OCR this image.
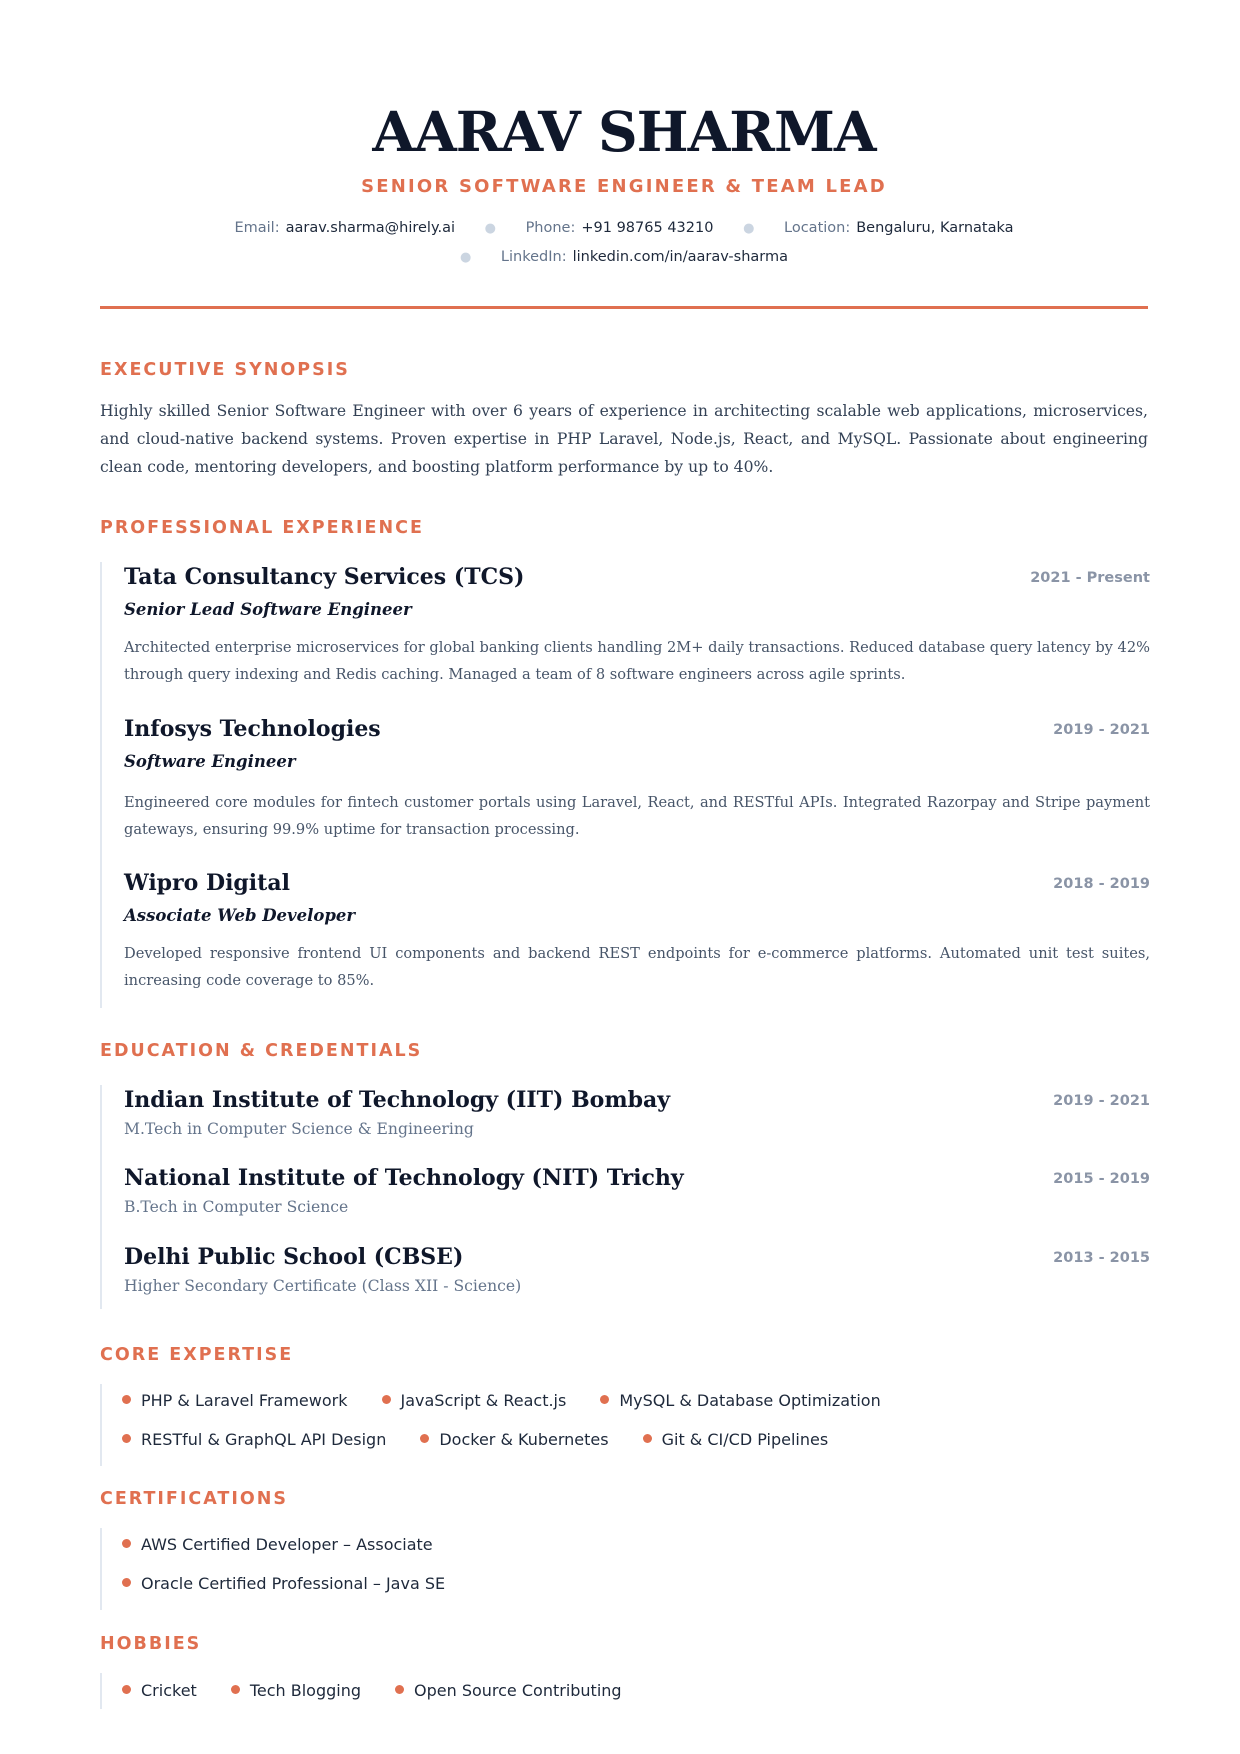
AARAV SHARMA
SENIOR SOFTWARE ENGINEER & TEAM LEAD
Email: aarav.sharma@hirely.ai ● Phone: +91 98765 43210 ● Location: Bengaluru, Karnataka
● LinkedIn: linkedin.com/in/aarav-sharma
EXECUTIVE SYNOPSIS
Highly skilled Senior Software Engineer with over 6 years of experience in architecting scalable web applications, microservices, and cloud-native backend systems. Proven expertise in PHP Laravel, Node.js, React, and MySQL. Passionate about engineering clean code, mentoring developers, and boosting platform performance by up to 40%.
PROFESSIONAL EXPERIENCE
Tata Consultancy Services (TCS)	2021 - Present
Senior Lead Software Engineer
Architected enterprise microservices for global banking clients handling 2M+ daily transactions. Reduced database query latency by 42% through query indexing and Redis caching. Managed a team of 8 software engineers across agile sprints.
Infosys Technologies	2019 - 2021
Software Engineer
Engineered core modules for fintech customer portals using Laravel, React, and RESTful APIs. Integrated Razorpay and Stripe payment gateways, ensuring 99.9% uptime for transaction processing.
Wipro Digital	2018 - 2019
Associate Web Developer
Developed responsive frontend UI components and backend REST endpoints for e-commerce platforms. Automated unit test suites, increasing code coverage to 85%.
EDUCATION & CREDENTIALS
Indian Institute of Technology (IIT) Bombay	2019 - 2021
M.Tech in Computer Science & Engineering
National Institute of Technology (NIT) Trichy	2015 - 2019
B.Tech in Computer Science
Delhi Public School (CBSE)	2013 - 2015
Higher Secondary Certificate (Class XII - Science)
CORE EXPERTISE
PHP & Laravel Framework	JavaScript & React.js	MySQL & Database Optimization
RESTful & GraphQL API Design	Docker & Kubernetes	Git & CI/CD Pipelines
CERTIFICATIONS
AWS Certified Developer – Associate
Oracle Certified Professional – Java SE
HOBBIES
Cricket	Tech Blogging	Open Source Contributing
